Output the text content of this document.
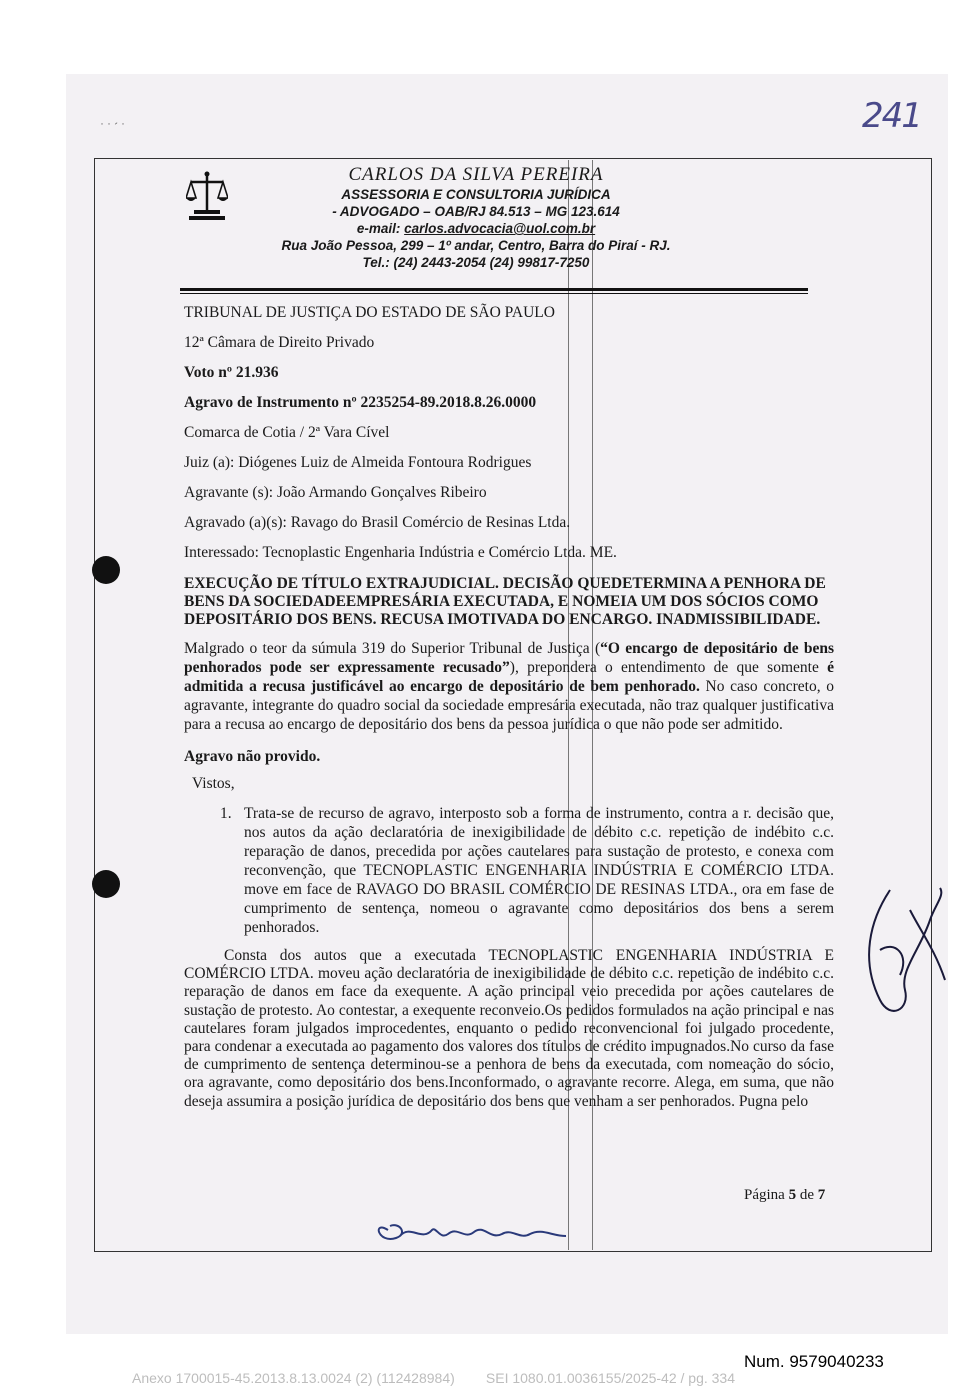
˙ ˙ ˊ ˙	241
CARLOS DA SILVA PEREIRA
ASSESSORIA E CONSULTORIA JURÍDICA
- ADVOGADO – OAB/RJ 84.513 – MG 123.614
e-mail: carlos.advocacia@uol.com.br
Rua João Pessoa, 299 – 1º andar, Centro, Barra do Piraí - RJ.
Tel.: (24) 2443-2054 (24) 99817-7250

TRIBUNAL DE JUSTIÇA DO ESTADO DE SÃO PAULO

12ª Câmara de Direito Privado

Voto nº 21.936

Agravo de Instrumento nº 2235254-89.2018.8.26.0000

Comarca de Cotia / 2ª Vara Cível

Juiz (a): Diógenes Luiz de Almeida Fontoura Rodrigues

Agravante (s): João Armando Gonçalves Ribeiro

Agravado (a)(s): Ravago do Brasil Comércio de Resinas Ltda.

Interessado: Tecnoplastic Engenharia Indústria e Comércio Ltda. ME.

EXECUÇÃO DE TÍTULO EXTRAJUDICIAL. DECISÃO QUEDETERMINA A PENHORA DE BENS DA SOCIEDADEEMPRESÁRIA EXECUTADA, E NOMEIA UM DOS SÓCIOS COMO DEPOSITÁRIO DOS BENS. RECUSA IMOTIVADA DO ENCARGO. INADMISSIBILIDADE.

Malgrado o teor da súmula 319 do Superior Tribunal de Justiça (“O encargo de depositário de bens penhorados pode ser expressamente recusado”), prepondera o entendimento de que somente é admitida a recusa justificável ao encargo de depositário de bem penhorado. No caso concreto, o agravante, integrante do quadro social da sociedade empresária executada, não traz qualquer justificativa para a recusa ao encargo de depositário dos bens da pessoa jurídica o que não pode ser admitido.

Agravo não provido.

Vistos,

1. Trata-se de recurso de agravo, interposto sob a forma de instrumento, contra a r. decisão que, nos autos da ação declaratória de inexigibilidade de débito c.c. repetição de indébito c.c. reparação de danos, precedida por ações cautelares para sustação de protesto, e conexa com reconvenção, que TECNOPLASTIC ENGENHARIA INDÚSTRIA E COMÉRCIO LTDA. move em face de RAVAGO DO BRASIL COMÉRCIO DE RESINAS LTDA., ora em fase de cumprimento de sentença, nomeou o agravante como depositários dos bens a serem penhorados.

Consta dos autos que a executada TECNOPLASTIC ENGENHARIA INDÚSTRIA E COMÉRCIO LTDA. moveu ação declaratória de inexigibilidade de débito c.c. repetição de indébito c.c. reparação de danos em face da exequente. A ação principal veio precedida por ações cautelares de sustação de protesto. Ao contestar, a exequente reconveio.Os pedidos formulados na ação principal e nas cautelares foram julgados improcedentes, enquanto o pedido reconvencional foi julgado procedente, para condenar a executada ao pagamento dos valores dos títulos de crédito impugnados.No curso da fase de cumprimento de sentença determinou-se a penhora de bens da executada, com nomeação do sócio, ora agravante, como depositário dos bens.Inconformado, o agravante recorre. Alega, em suma, que não deseja assumira a posição jurídica de depositário dos bens que venham a ser penhorados. Pugna pelo

Página 5 de 7
Num. 9579040233
Anexo 1700015-45.2013.8.13.0024 (2) (112428984)        SEI 1080.01.0036155/2025-42 / pg. 334
